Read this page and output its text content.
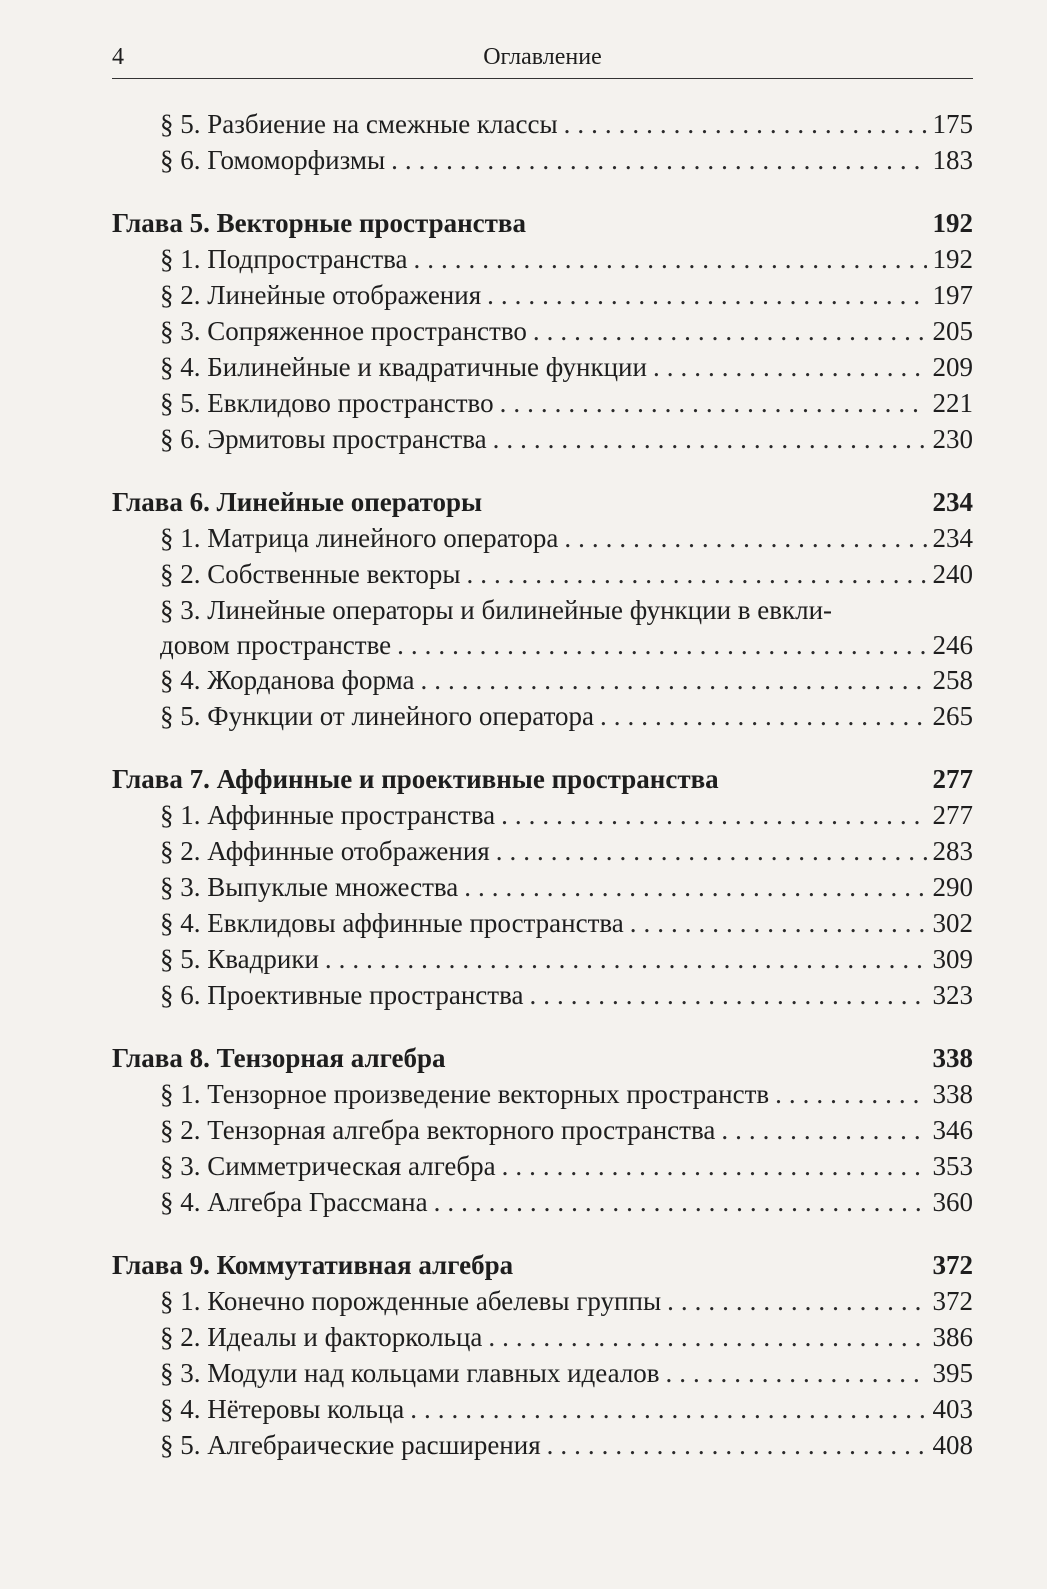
4	Оглавление
§ 5. Разбиение на смежные классы .....	175
§ 6. Гомоморфизмы .....	183
Глава 5. Векторные пространства	192
§ 1. Подпространства .....	192
§ 2. Линейные отображения .....	197
§ 3. Сопряженное пространство .....	205
§ 4. Билинейные и квадратичные функции .....	209
§ 5. Евклидово пространство .....	221
§ 6. Эрмитовы пространства .....	230
Глава 6. Линейные операторы	234
§ 1. Матрица линейного оператора .....	234
§ 2. Собственные векторы .....	240
§ 3. Линейные операторы и билинейные функции в евкли-
довом пространстве .....	246
§ 4. Жорданова форма .....	258
§ 5. Функции от линейного оператора .....	265
Глава 7. Аффинные и проективные пространства	277
§ 1. Аффинные пространства .....	277
§ 2. Аффинные отображения .....	283
§ 3. Выпуклые множества .....	290
§ 4. Евклидовы аффинные пространства .....	302
§ 5. Квадрики .....	309
§ 6. Проективные пространства .....	323
Глава 8. Тензорная алгебра	338
§ 1. Тензорное произведение векторных пространств .....	338
§ 2. Тензорная алгебра векторного пространства .....	346
§ 3. Симметрическая алгебра .....	353
§ 4. Алгебра Грассмана .....	360
Глава 9. Коммутативная алгебра	372
§ 1. Конечно порожденные абелевы группы .....	372
§ 2. Идеалы и факторкольца .....	386
§ 3. Модули над кольцами главных идеалов .....	395
§ 4. Нётеровы кольца .....	403
§ 5. Алгебраические расширения .....	408
